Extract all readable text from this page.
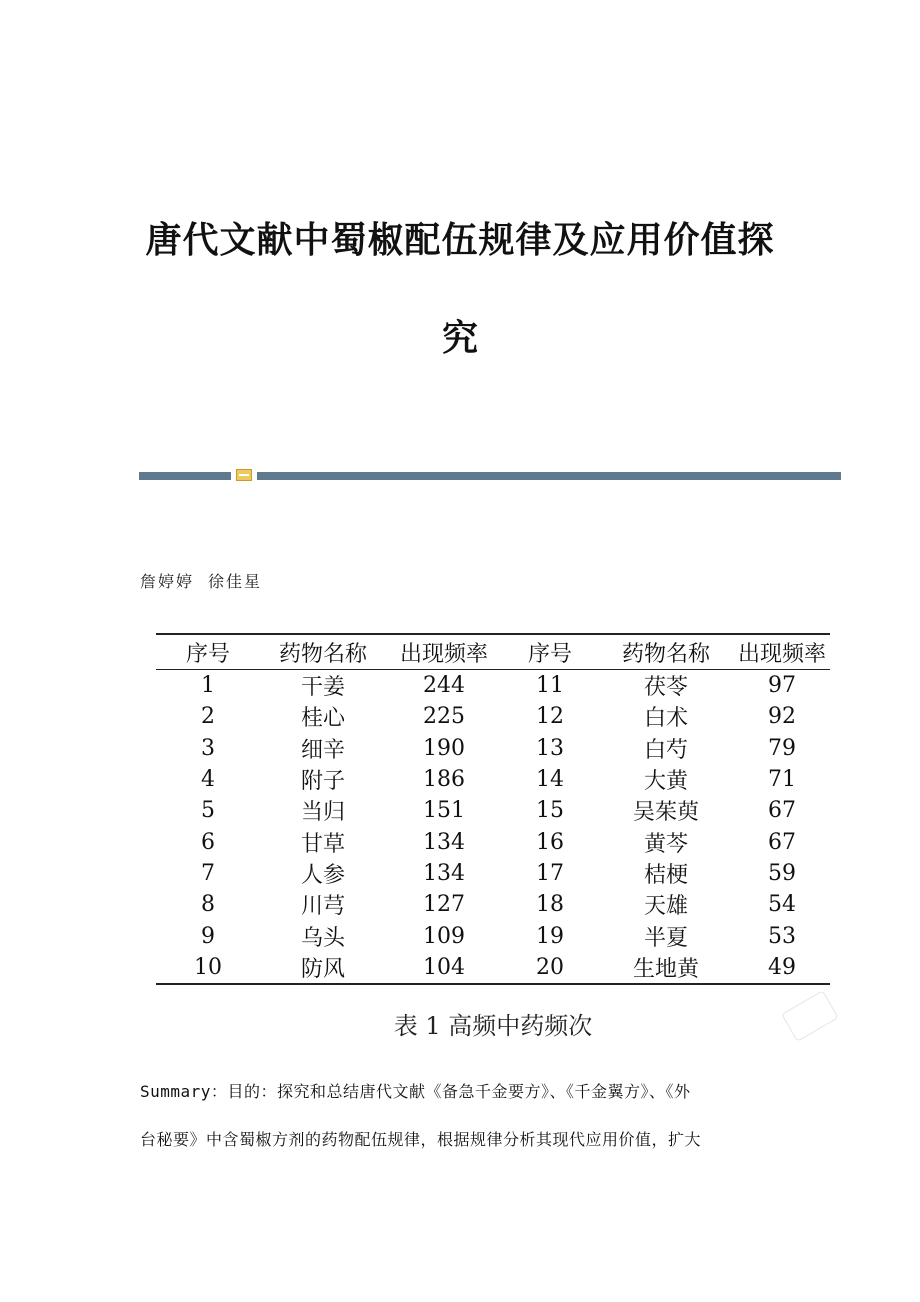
唐代文献中蜀椒配伍规律及应用价值探
究
詹婷婷 徐佳星
序号	药物名称	出现频率	序号	药物名称	出现频率
1	干姜	244	11	茯苓	97
2	桂心	225	12	白术	92
3	细辛	190	13	白芍	79
4	附子	186	14	大黄	71
5	当归	151	15	吴茱萸	67
6	甘草	134	16	黄芩	67
7	人参	134	17	桔梗	59
8	川芎	127	18	天雄	54
9	乌头	109	19	半夏	53
10	防风	104	20	生地黄	49
表 1 高频中药频次
Summary：目的：探究和总结唐代文献《备急千金要方》、《千金翼方》、《外
台秘要》中含蜀椒方剂的药物配伍规律，根据规律分析其现代应用价值，扩大
